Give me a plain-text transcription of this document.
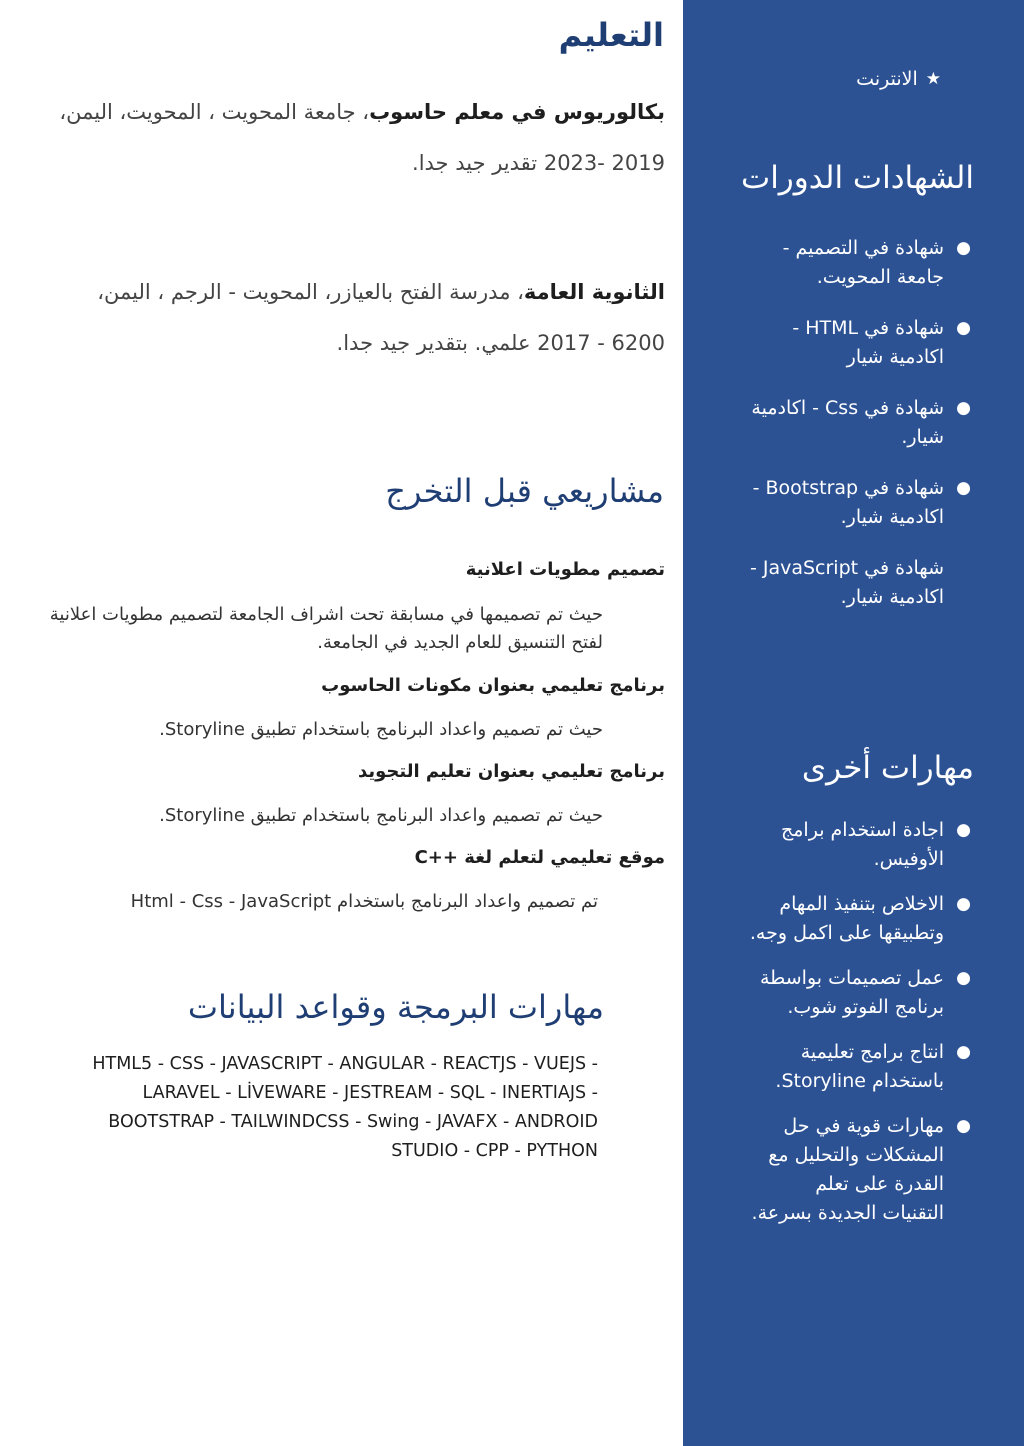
★
الانترنت
الشهادات الدورات
●
شهادة في التصميم - جامعة المحويت.
●
شهادة في HTML - اكادمية شيار
●
شهادة في Css - اكادمية شيار.
●
شهادة في Bootstrap - اكادمية شيار.
شهادة في JavaScript - اكادمية شيار.
مهارات أخرى
●
اجادة استخدام برامج الأوفيس.
●
الاخلاص بتنفيذ المهام وتطبيقها على اكمل وجه.
●
عمل تصميمات بواسطة برنامج الفوتو شوب.
●
انتاج برامج تعليمية باستخدام Storyline.
●
مهارات قوية في حل المشكلات والتحليل مع القدرة على تعلم التقنيات الجديدة بسرعة.
التعليم
بكالوريوس في معلم حاسوب، جامعة المحويت ، المحويت، اليمن،
2019 -2023 تقدير جيد جدا.
الثانوية العامة، مدرسة الفتح بالعيازر، المحويت - الرجم ، اليمن،
6200 - 2017 علمي. بتقدير جيد جدا.
مشاريعي قبل التخرج
تصميم مطويات اعلانية
حيث تم تصميمها في مسابقة تحت اشراف الجامعة لتصميم مطويات اعلانية لفتح التنسيق للعام الجديد في الجامعة.
برنامج تعليمي بعنوان مكونات الحاسوب
حيث تم تصميم واعداد البرنامج باستخدام تطبيق Storyline.
برنامج تعليمي بعنوان تعليم التجويد
حيث تم تصميم واعداد البرنامج باستخدام تطبيق Storyline.
موقع تعليمي لتعلم لغة ++C
تم تصميم واعداد البرنامج باستخدام Html - Css - JavaScript
مهارات البرمجة وقواعد البيانات
HTML5 - CSS - JAVASCRIPT - ANGULAR - REACTJS - VUEJS -
LARAVEL - LİVEWARE - JESTREAM - SQL - INERTIAJS -
BOOTSTRAP - TAILWINDCSS - Swing - JAVAFX - ANDROID
STUDIO - CPP - PYTHON
